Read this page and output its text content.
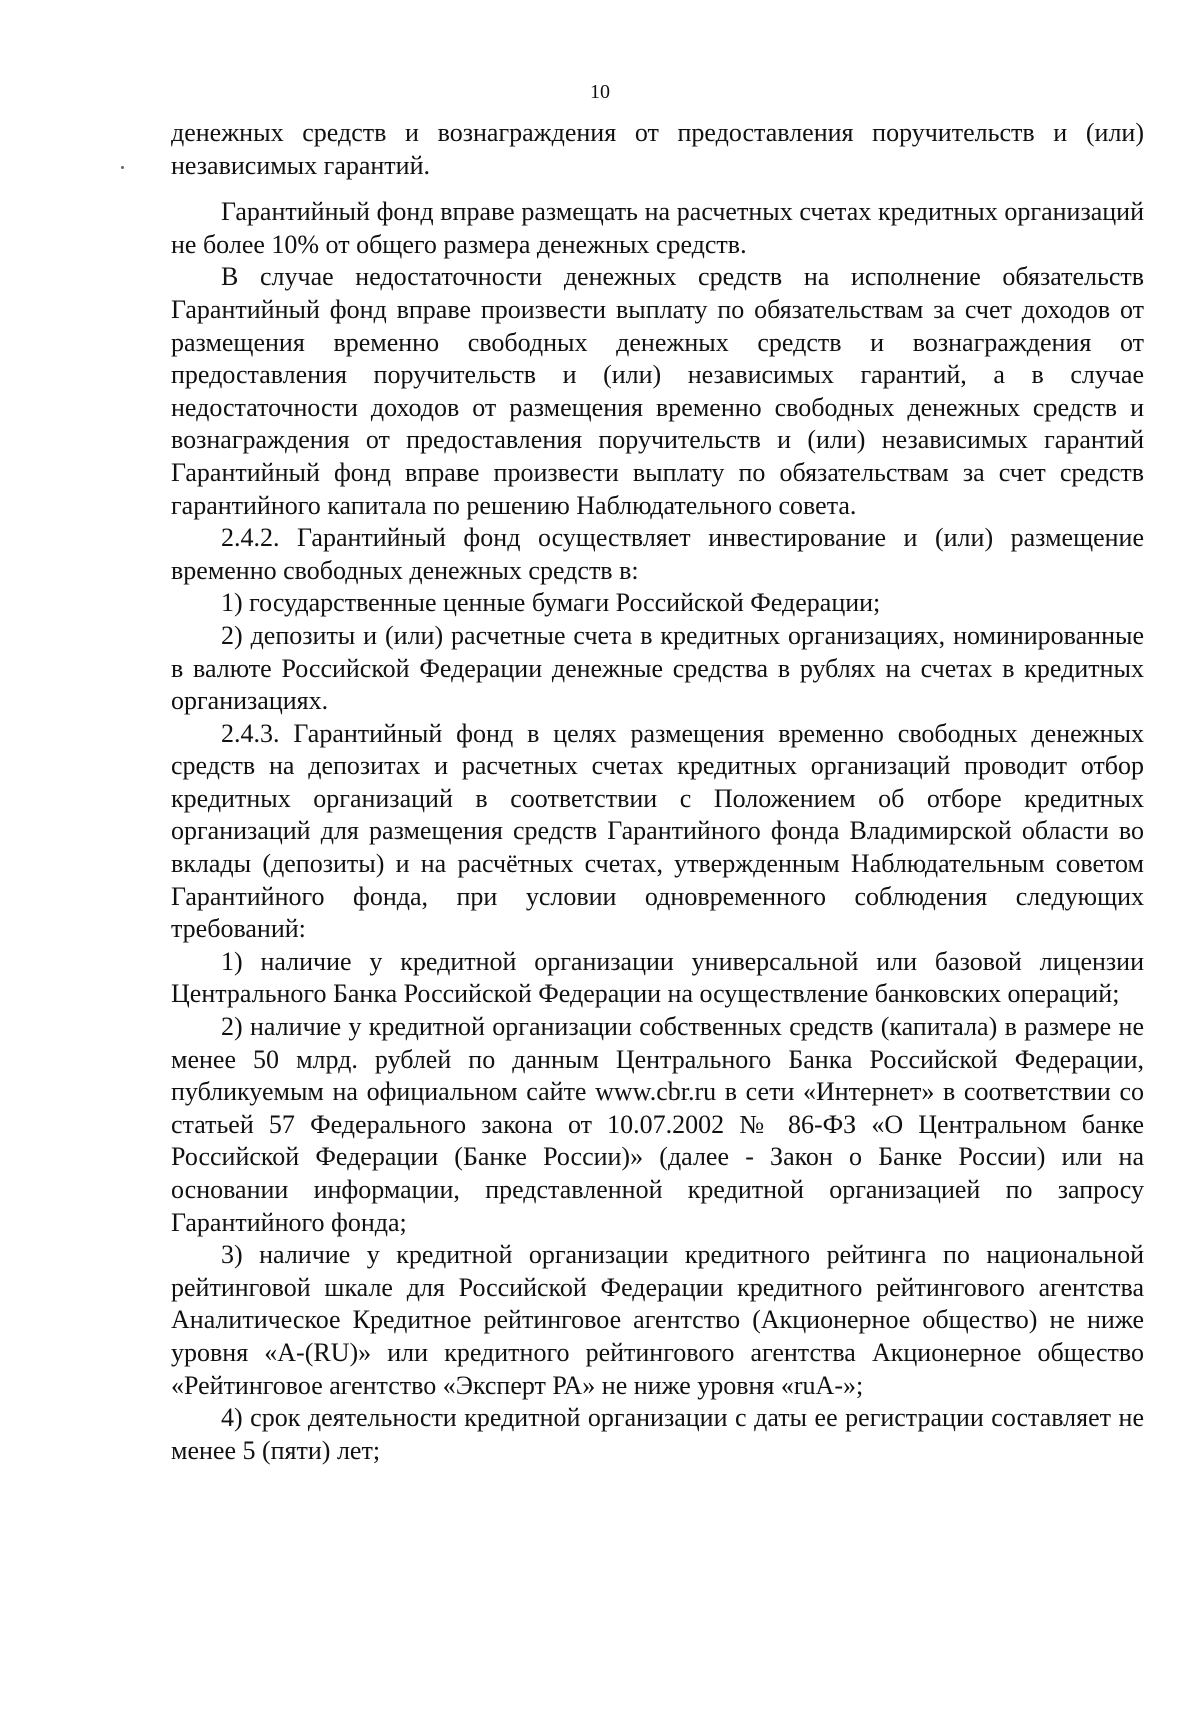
10

денежных средств и вознаграждения от предоставления поручительств и (или) независимых гарантий.

Гарантийный фонд вправе размещать на расчетных счетах кредитных организаций не более 10% от общего размера денежных средств.

В случае недостаточности денежных средств на исполнение обязательств Гарантийный фонд вправе произвести выплату по обязательствам за счет доходов от размещения временно свободных денежных средств и вознаграждения от предоставления поручительств и (или) независимых гарантий, а в случае недостаточности доходов от размещения временно свободных денежных средств и вознаграждения от предоставления поручительств и (или) независимых гарантий Гарантийный фонд вправе произвести выплату по обязательствам за счет средств гарантийного капитала по решению Наблюдательного совета.

2.4.2. Гарантийный фонд осуществляет инвестирование и (или) размещение временно свободных денежных средств в:

1) государственные ценные бумаги Российской Федерации;

2) депозиты и (или) расчетные счета в кредитных организациях, номинированные в валюте Российской Федерации денежные средства в рублях на счетах в кредитных организациях.

2.4.3. Гарантийный фонд в целях размещения временно свободных денежных средств на депозитах и расчетных счетах кредитных организаций проводит отбор кредитных организаций в соответствии с Положением об отборе кредитных организаций для размещения средств Гарантийного фонда Владимирской области во вклады (депозиты) и на расчётных счетах, утвержденным Наблюдательным советом Гарантийного фонда, при условии одновременного соблюдения следующих требований:

1) наличие у кредитной организации универсальной или базовой лицензии Центрального Банка Российской Федерации на осуществление банковских операций;

2) наличие у кредитной организации собственных средств (капитала) в размере не менее 50 млрд. рублей по данным Центрального Банка Российской Федерации, публикуемым на официальном сайте www.cbr.ru в сети «Интернет» в соответствии со статьей 57 Федерального закона от 10.07.2002 № 86-ФЗ «О Центральном банке Российской Федерации (Банке России)» (далее - Закон о Банке России) или на основании информации, представленной кредитной организацией по запросу Гарантийного фонда;

3) наличие у кредитной организации кредитного рейтинга по национальной рейтинговой шкале для Российской Федерации кредитного рейтингового агентства Аналитическое Кредитное рейтинговое агентство (Акционерное общество) не ниже уровня «A-(RU)» или кредитного рейтингового агентства Акционерное общество «Рейтинговое агентство «Эксперт РА» не ниже уровня «ruA-»;

4) срок деятельности кредитной организации с даты ее регистрации составляет не менее 5 (пяти) лет;
